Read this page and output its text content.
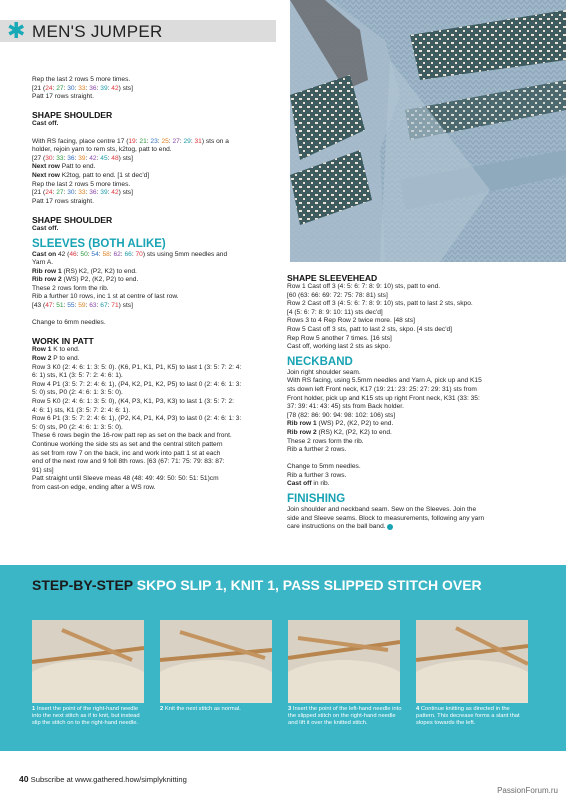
✱ MEN'S JUMPER

Rep the last 2 rows 5 more times.

[21 (24: 27: 30: 33: 36: 39: 42) sts]

Patt 17 rows straight.

SHAPE SHOULDER

Cast off.

With RS facing, place centre 17 (19: 21: 23: 25: 27: 29: 31) sts on a

holder, rejoin yarn to rem sts, k2tog, patt to end.

[27 (30: 33: 36: 39: 42: 45: 48) sts]

Next row Patt to end.

Next row K2tog, patt to end. [1 st dec'd]

Rep the last 2 rows 5 more times.

[21 (24: 27: 30: 33: 36: 39: 42) sts]

Patt 17 rows straight.

SHAPE SHOULDER

Cast off.

SLEEVES (BOTH ALIKE)

Cast on 42 (46: 50: 54: 58: 62: 66: 70) sts using 5mm needles and

Yarn A.

Rib row 1 (RS) K2, (P2, K2) to end.

Rib row 2 (WS) P2, (K2, P2) to end.

These 2 rows form the rib.

Rib a further 10 rows, inc 1 st at centre of last row.

[43 (47: 51: 55: 59: 63: 67: 71) sts]

Change to 6mm needles.

WORK IN PATT

Row 1 K to end.

Row 2 P to end.

Row 3 K0 (2: 4: 6: 1: 3: 5: 0). (K6, P1, K1, P1, K5) to last 1 (3: 5: 7: 2: 4:

6: 1) sts, K1 (3: 5: 7: 2: 4: 6: 1).

Row 4 P1 (3: 5: 7: 2: 4: 6: 1), (P4, K2, P1, K2, P5) to last 0 (2: 4: 6: 1: 3:

5: 0) sts, P0 (2: 4: 6: 1: 3: 5: 0).

Row 5 K0 (2: 4: 6: 1: 3: 5: 0), (K4, P3, K1, P3, K3) to last 1 (3: 5: 7: 2:

4: 6: 1) sts, K1 (3: 5: 7: 2: 4: 6: 1).

Row 6 P1 (3: 5: 7: 2: 4: 6: 1), (P2, K4, P1, K4, P3) to last 0 (2: 4: 6: 1: 3:

5: 0) sts, P0 (2: 4: 6: 1: 3: 5: 0).

These 6 rows begin the 16-row patt rep as set on the back and front.

Continue working the side sts as set and the central stitch pattern

as set from row 7 on the back, inc and work into patt 1 st at each

end of the next row and 9 foll 8th rows. [63 (67: 71: 75: 79: 83: 87:

91) sts]

Patt straight until Sleeve meas 48 (48: 49: 49: 50: 50: 51: 51)cm

from cast-on edge, ending after a WS row.

SHAPE SLEEVEHEAD

Row 1 Cast off 3 (4: 5: 6: 7: 8: 9: 10) sts, patt to end.

[60 (63: 66: 69: 72: 75: 78: 81) sts]

Row 2 Cast off 3 (4: 5: 6: 7: 8: 9: 10) sts, patt to last 2 sts, skpo.

[4 (5: 6: 7: 8: 9: 10: 11) sts dec'd]

Rows 3 to 4 Rep Row 2 twice more. [48 sts]

Row 5 Cast off 3 sts, patt to last 2 sts, skpo. [4 sts dec'd]

Rep Row 5 another 7 times. [16 sts]

Cast off, working last 2 sts as skpo.

NECKBAND

Join right shoulder seam.

With RS facing, using 5.5mm needles and Yarn A, pick up and K15

sts down left Front neck, K17 (19: 21: 23: 25: 27: 29: 31) sts from

Front holder, pick up and K15 sts up right Front neck, K31 (33: 35:

37: 39: 41: 43: 45) sts from Back holder.

[78 (82: 86: 90: 94: 98: 102: 106) sts]

Rib row 1 (WS) P2, (K2, P2) to end.

Rib row 2 (RS) K2, (P2, K2) to end.

These 2 rows form the rib.

Rib a further 2 rows.

Change to 5mm needles.

Rib a further 3 rows.

Cast off in rib.

FINISHING

Join shoulder and neckband seam. Sew on the Sleeves. Join the

side and Sleeve seams. Block to measurements, following any yarn

care instructions on the ball band.

STEP-BY-STEP SKPO SLIP 1, KNIT 1, PASS SLIPPED STITCH OVER
1 Insert the point of the right-hand needle into the next stitch as if to knit, but instead slip the stitch on to the right-hand needle.
2 Knit the next stitch as normal.	3 Insert the point of the left-hand needle into the slipped stitch on the right-hand needle and lift it over the knitted stitch.
4 Continue knitting as directed in the pattern. This decrease forms a slant that slopes towards the left.
40 Subscribe at www.gathered.how/simplyknitting
PassionForum.ru
